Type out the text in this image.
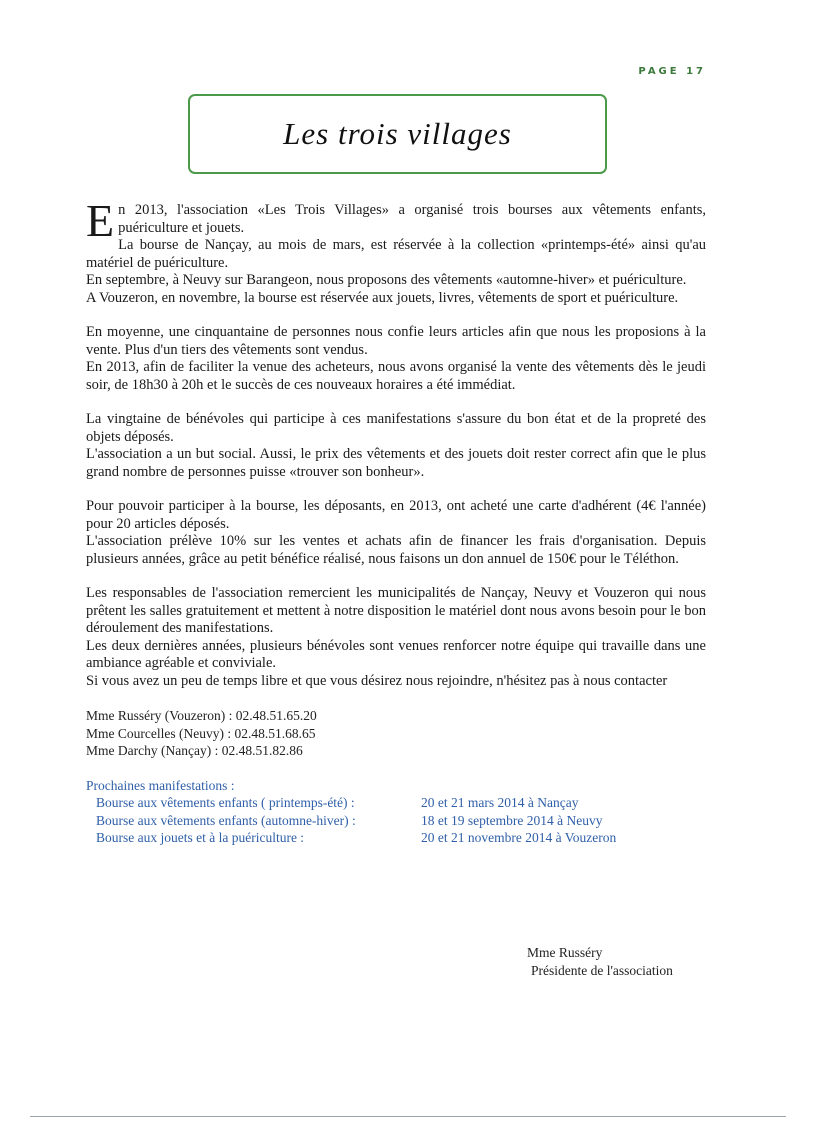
PAGE 17
Les trois villages

En 2013, l'association «Les Trois Villages» a organisé trois bourses aux vêtements enfants, puériculture et jouets.

La bourse de Nançay, au mois de mars, est réservée à la collection «printemps-été» ainsi qu'au matériel de puériculture.

En septembre, à Neuvy sur Barangeon, nous proposons des vêtements «automne-hiver» et puériculture.

A Vouzeron, en novembre, la bourse est réservée aux jouets, livres, vêtements de sport et puériculture.

En moyenne, une cinquantaine de personnes nous confie leurs articles afin que nous les proposions à la vente. Plus d'un tiers des vêtements sont vendus.

En 2013, afin de faciliter la venue des acheteurs, nous avons organisé la vente des vêtements dès le jeudi soir, de 18h30 à 20h et le succès de ces nouveaux horaires a été immédiat.

La vingtaine de bénévoles qui participe à ces manifestations s'assure du bon état et de la propreté des objets déposés.

L'association a un but social. Aussi, le prix des vêtements et des jouets doit rester correct afin que le plus grand nombre de personnes puisse «trouver son bonheur».

Pour pouvoir participer à la bourse, les déposants, en 2013, ont acheté une carte d'adhérent (4€ l'année) pour 20 articles déposés.

L'association prélève 10% sur les ventes et achats afin de financer les frais d'organisation. Depuis plusieurs années, grâce au petit bénéfice réalisé, nous faisons un don annuel de 150€ pour le Téléthon.

Les responsables de l'association remercient les municipalités de Nançay, Neuvy et Vouzeron qui nous prêtent les salles gratuitement et mettent à notre disposition le matériel dont nous avons besoin pour le bon déroulement des manifestations.

Les deux dernières années, plusieurs bénévoles sont venues renforcer notre équipe qui travaille dans une ambiance agréable et conviviale.

Si vous avez un peu de temps libre et que vous désirez nous rejoindre, n'hésitez pas à nous contacter

Mme Russéry (Vouzeron) : 02.48.51.65.20
Mme Courcelles (Neuvy) : 02.48.51.68.65
Mme Darchy (Nançay) : 02.48.51.82.86
Prochaines manifestations :
Bourse aux vêtements enfants ( printemps-été) :	20 et 21 mars 2014 à Nançay
Bourse aux vêtements enfants (automne-hiver) :	18 et 19 septembre 2014 à Neuvy
Bourse aux jouets et à la puériculture :	20 et 21 novembre 2014 à Vouzeron
Mme Russéry
Présidente de l'association
